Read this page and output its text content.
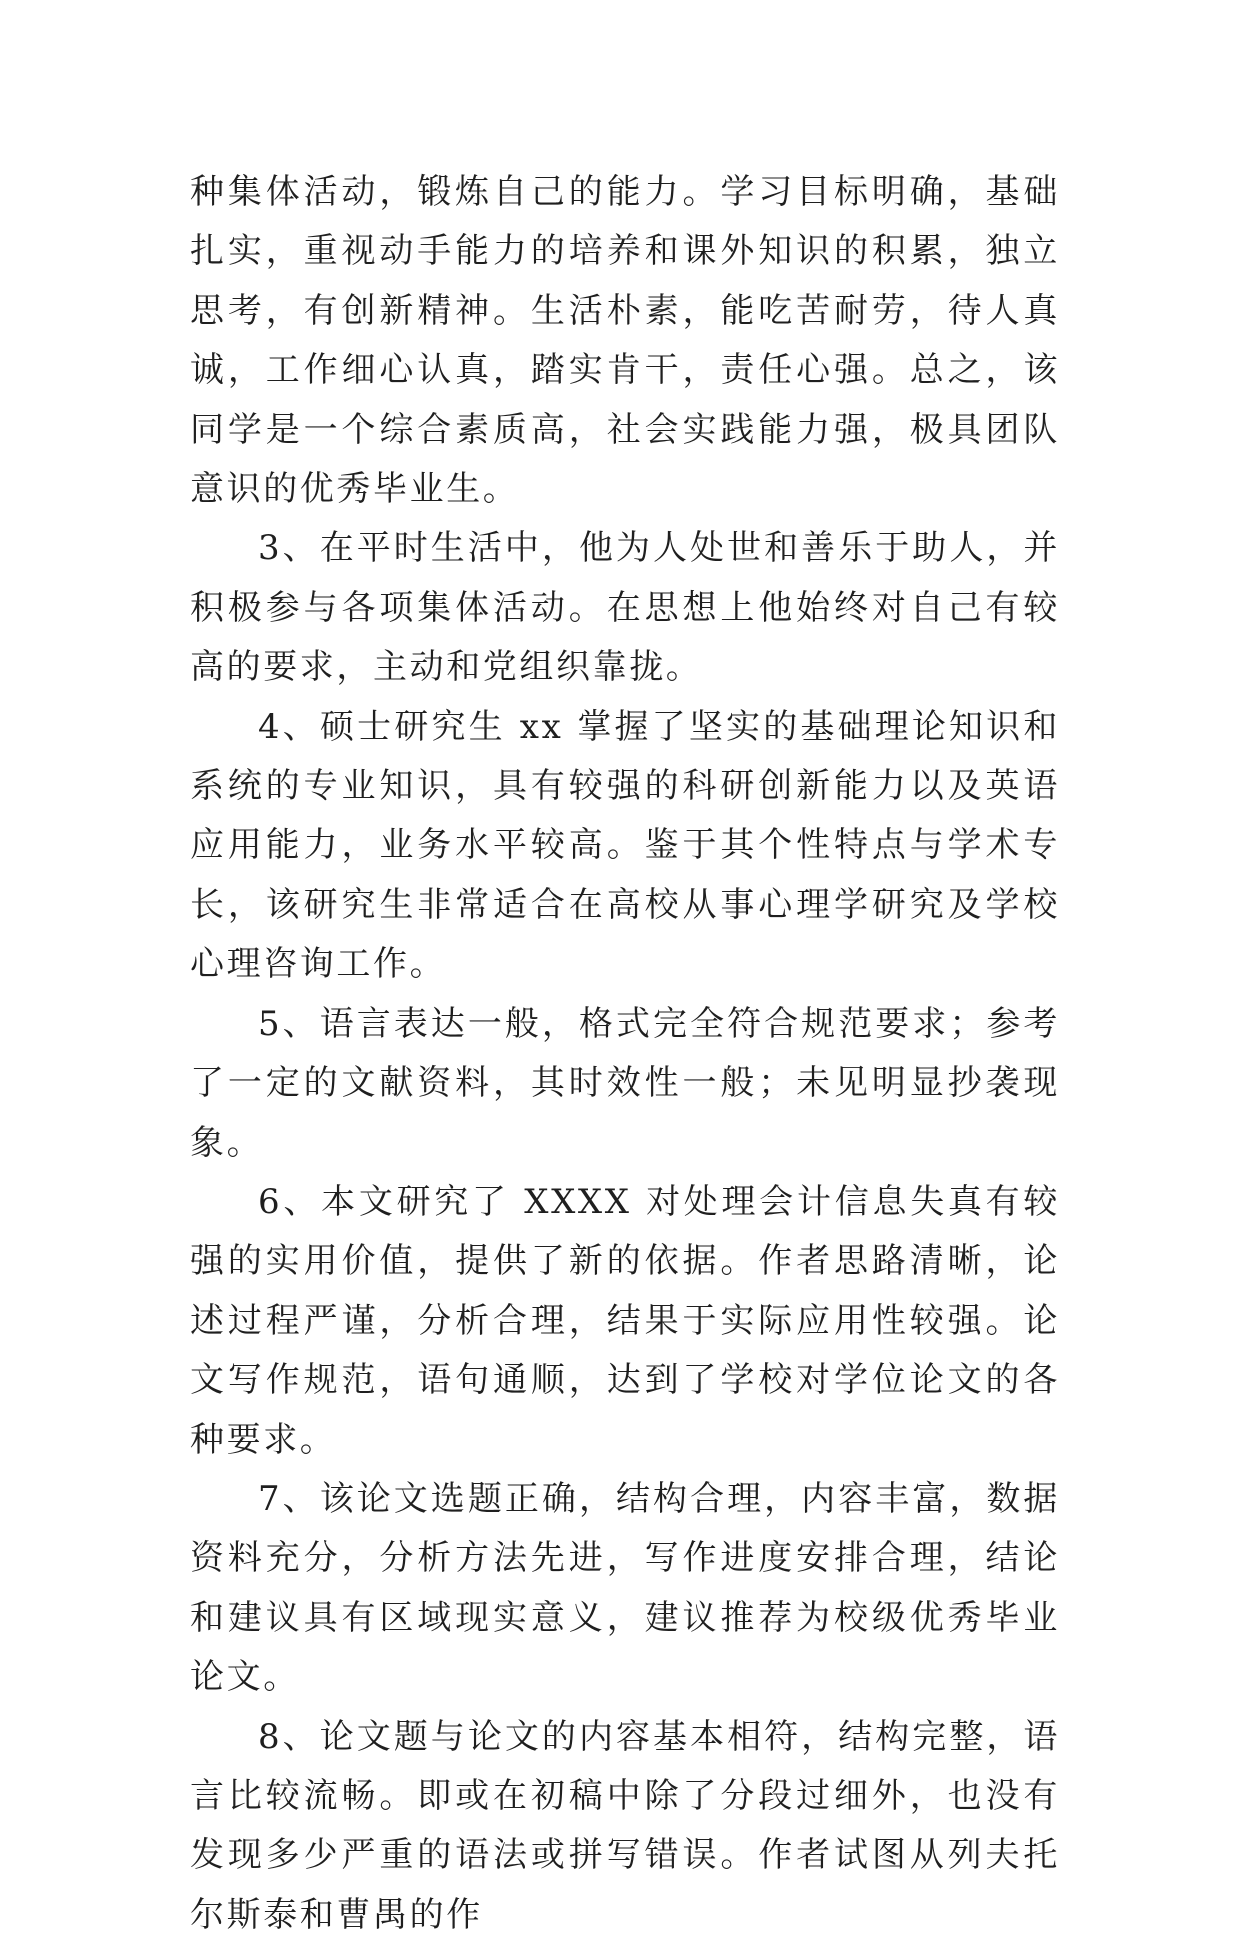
种集体活动，锻炼自己的能力。学习目标明确，基础扎实，重视动手能力的培养和课外知识的积累，独立思考，有创新精神。生活朴素，能吃苦耐劳，待人真诚，工作细心认真，踏实肯干，责任心强。总之，该同学是一个综合素质高，社会实践能力强，极具团队意识的优秀毕业生。

3、在平时生活中，他为人处世和善乐于助人，并积极参与各项集体活动。在思想上他始终对自己有较高的要求，主动和党组织靠拢。

4、硕士研究生 xx 掌握了坚实的基础理论知识和系统的专业知识，具有较强的科研创新能力以及英语应用能力，业务水平较高。鉴于其个性特点与学术专长，该研究生非常适合在高校从事心理学研究及学校心理咨询工作。

5、语言表达一般，格式完全符合规范要求；参考了一定的文献资料，其时效性一般；未见明显抄袭现象。

6、本文研究了 XXXX 对处理会计信息失真有较强的实用价值，提供了新的依据。作者思路清晰，论述过程严谨，分析合理，结果于实际应用性较强。论文写作规范，语句通顺，达到了学校对学位论文的各种要求。

7、该论文选题正确，结构合理，内容丰富，数据资料充分，分析方法先进，写作进度安排合理，结论和建议具有区域现实意义，建议推荐为校级优秀毕业论文。

8、论文题与论文的内容基本相符，结构完整，语言比较流畅。即或在初稿中除了分段过细外，也没有发现多少严重的语法或拼写错误。作者试图从列夫托尔斯泰和曹禺的作
